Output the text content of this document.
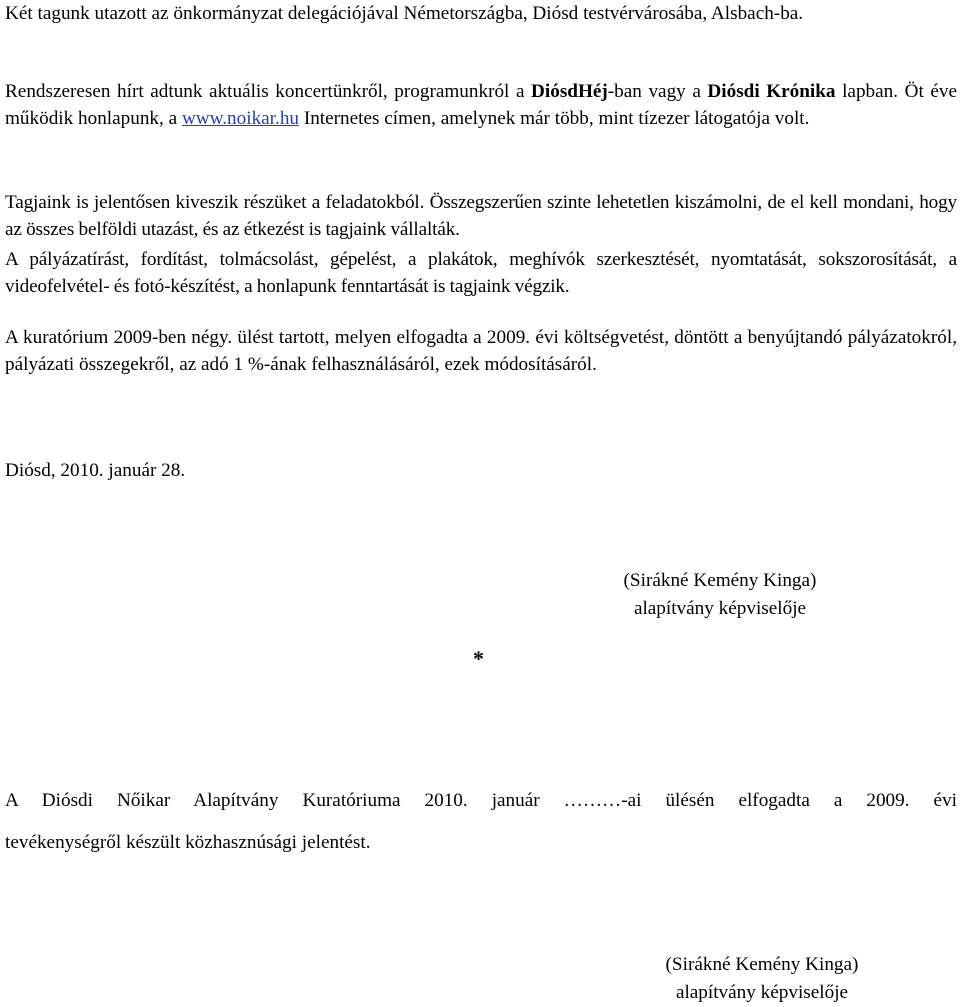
Két tagunk utazott az önkormányzat delegációjával Németországba, Diósd testvérvárosába, Alsbach-ba.

Rendszeresen hírt adtunk aktuális koncertünkről, programunkról a DiósdHéj-ban vagy a Diósdi Krónika lapban. Öt éve működik honlapunk, a www.noikar.hu Internetes címen, amelynek már több, mint tízezer látogatója volt.

Tagjaink is jelentősen kiveszik részüket a feladatokból. Összegszerűen szinte lehetetlen kiszámolni, de el kell mondani, hogy az összes belföldi utazást, és az étkezést is tagjaink vállalták.

A pályázatírást, fordítást, tolmácsolást, gépelést, a plakátok, meghívók szerkesztését, nyomtatását, sokszorosítását, a videofelvétel- és fotó-készítést, a honlapunk fenntartását is tagjaink végzik.

A kuratórium 2009-ben négy. ülést tartott, melyen elfogadta a 2009. évi költségvetést, döntött a benyújtandó pályázatokról, pályázati összegekről, az adó 1 %-ának felhasználásáról, ezek módosításáról.

Diósd, 2010. január 28.
(Sirákné Kemény Kinga)
alapítvány képviselője
*
A Diósdi Nőikar Alapítvány Kuratóriuma 2010. január ………-ai ülésén elfogadta a 2009. évi
tevékenységről készült közhasznúsági jelentést.
(Sirákné Kemény Kinga)
alapítvány képviselője
